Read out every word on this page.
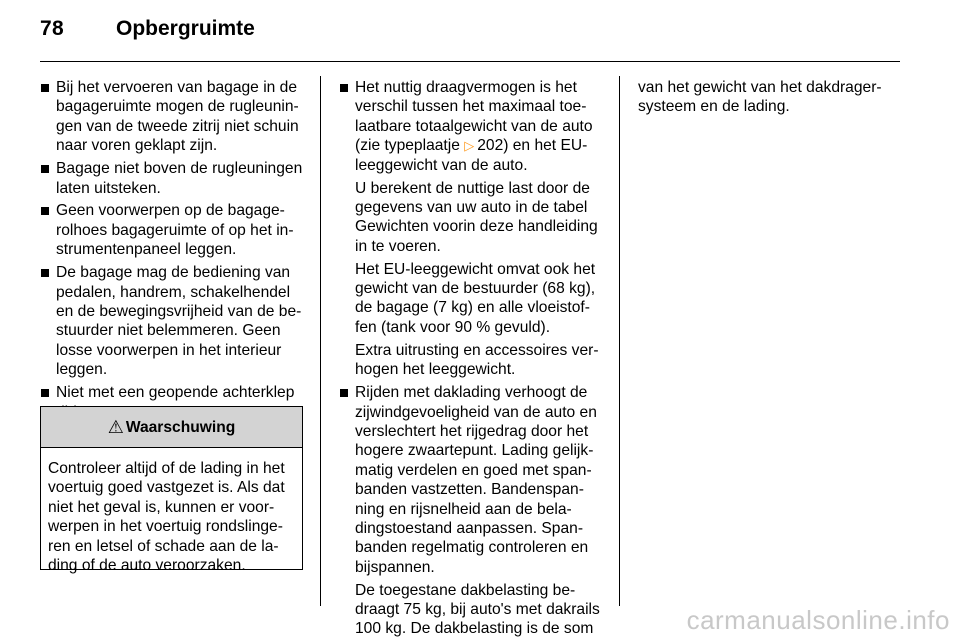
78 Opbergruimte
Bij het vervoeren van bagage in de
bagageruimte mogen de rugleunin-
gen van de tweede zitrij niet schuin
naar voren geklapt zijn.
Bagage niet boven de rugleuningen
laten uitsteken.
Geen voorwerpen op de bagage-
rolhoes bagageruimte of op het in-
strumentenpaneel leggen.
De bagage mag de bediening van
pedalen, handrem, schakelhendel
en de bewegingsvrijheid van de be-
stuurder niet belemmeren. Geen
losse voorwerpen in het interieur
leggen.
Niet met een geopende achterklep
⚠ Waarschuwing
Controleer altijd of de lading in het
voertuig goed vastgezet is. Als dat
niet het geval is, kunnen er voor-
werpen in het voertuig rondslinge-
ren en letsel of schade aan de la-
ding of de auto veroorzaken.
Het nuttig draagvermogen is het
verschil tussen het maximaal toe-
laatbare totaalgewicht van de auto
(zie typeplaatje ▷ 202) en het EU-
leeggewicht van de auto.
U berekent de nuttige last door de
gegevens van uw auto in de tabel
Gewichten voorin deze handleiding
in te voeren.
Het EU-leeggewicht omvat ook het
gewicht van de bestuurder (68 kg),
de bagage (7 kg) en alle vloeistof-
fen (tank voor 90 % gevuld).
Extra uitrusting en accessoires ver-
hogen het leeggewicht.
Rijden met daklading verhoogt de
zijwindgevoeligheid van de auto en
verslechtert het rijgedrag door het
hogere zwaartepunt. Lading gelijk-
matig verdelen en goed met span-
banden vastzetten. Bandenspan-
ning en rijsnelheid aan de bela-
dingstoestand aanpassen. Span-
banden regelmatig controleren en
bijspannen.
De toegestane dakbelasting be-
draagt 75 kg, bij auto's met dakrails
100 kg. De dakbelasting is de som
van het gewicht van het dakdrager-
systeem en de lading.
carmanualsonline.info
